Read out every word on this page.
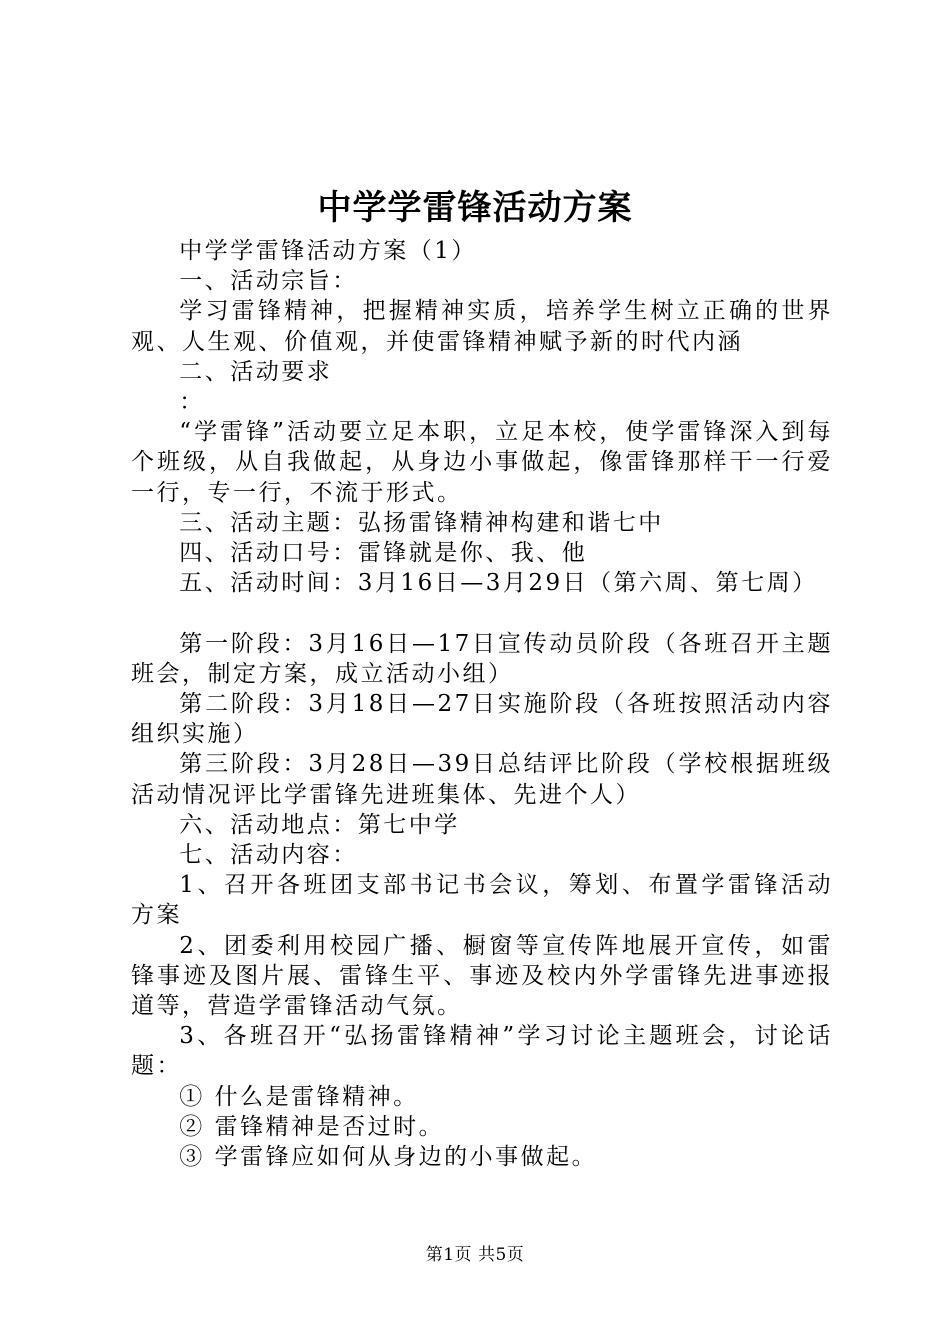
中学学雷锋活动方案

中学学雷锋活动方案（1）

一、活动宗旨：

学习雷锋精神，把握精神实质，培养学生树立正确的世界观、人生观、价值观，并使雷锋精神赋予新的时代内涵

二、活动要求

：

“学雷锋”活动要立足本职，立足本校，使学雷锋深入到每个班级，从自我做起，从身边小事做起，像雷锋那样干一行爱一行，专一行，不流于形式。

三、活动主题：弘扬雷锋精神构建和谐七中

四、活动口号：雷锋就是你、我、他

五、活动时间：3月16日—3月29日（第六周、第七周）

第一阶段：3月16日—17日宣传动员阶段（各班召开主题班会，制定方案，成立活动小组）

第二阶段：3月18日—27日实施阶段（各班按照活动内容组织实施）

第三阶段：3月28日—39日总结评比阶段（学校根据班级活动情况评比学雷锋先进班集体、先进个人）

六、活动地点：第七中学

七、活动内容：

1、召开各班团支部书记书会议，筹划、布置学雷锋活动方案

2、团委利用校园广播、橱窗等宣传阵地展开宣传，如雷锋事迹及图片展、雷锋生平、事迹及校内外学雷锋先进事迹报道等，营造学雷锋活动气氛。

3、各班召开“弘扬雷锋精神”学习讨论主题班会，讨论话题：

① 什么是雷锋精神。

② 雷锋精神是否过时。

③ 学雷锋应如何从身边的小事做起。

第1页 共5页
